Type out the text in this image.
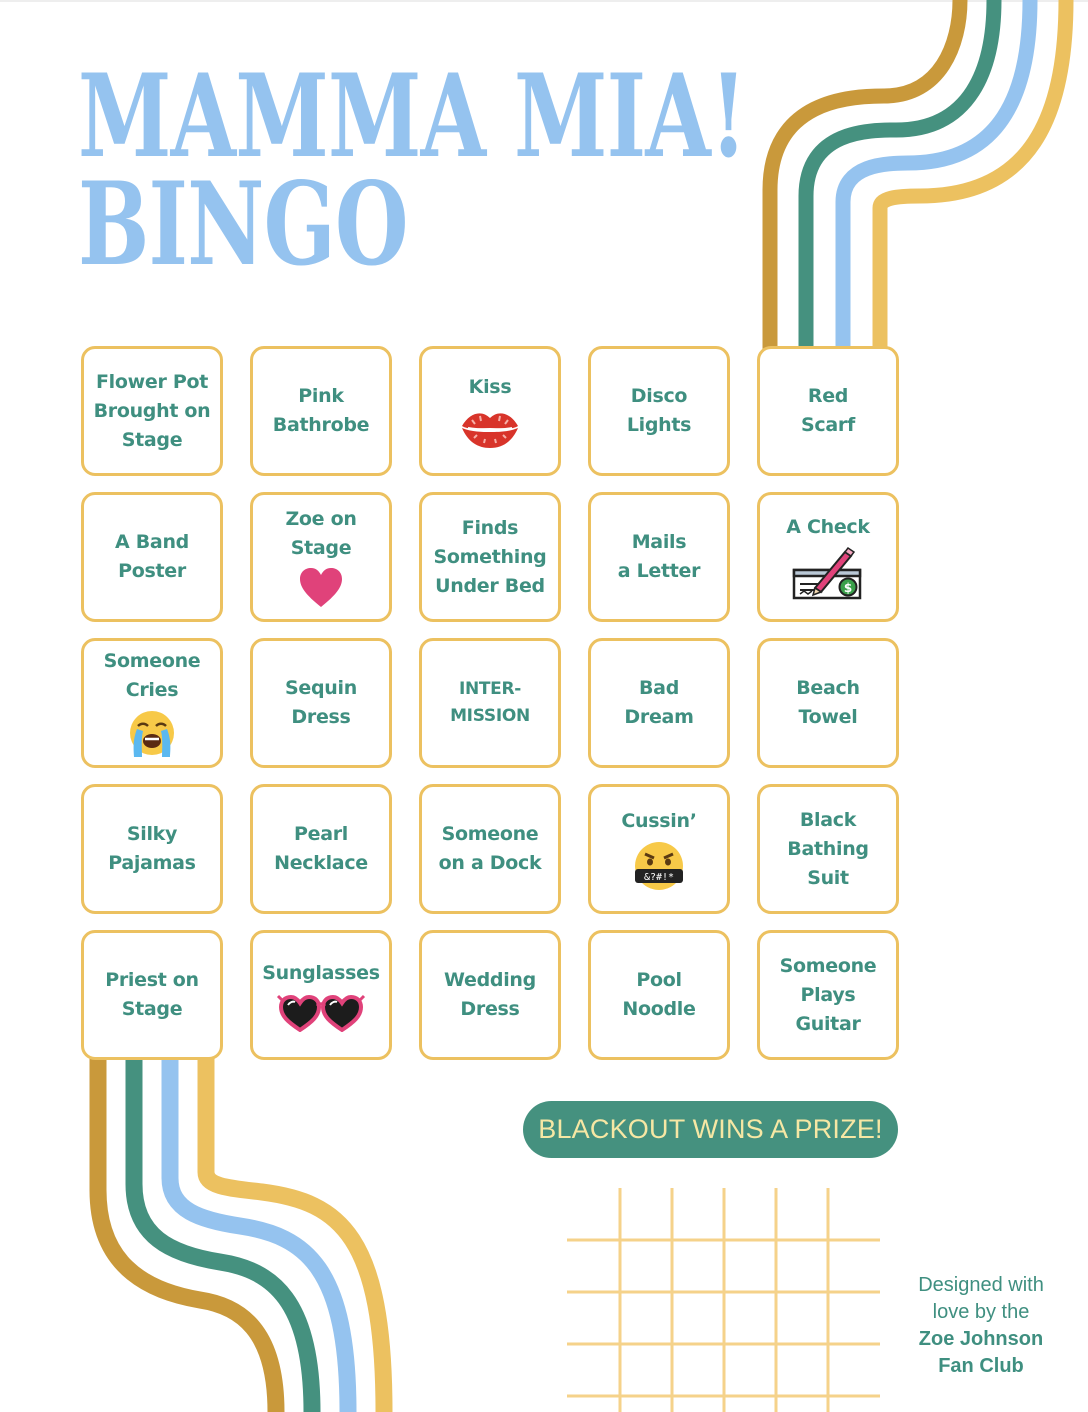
MAMMA MIA!
BINGO
Flower Pot
Brought on
Stage
Pink
Bathrobe
Kiss	Disco
Lights
Red
Scarf
A Band
Poster
Zoe on
Stage
Finds
Something
Under Bed
Mails
a Letter
A Check
$
Someone
Cries	Sequin
Dress
INTER-
MISSION
Bad
Dream
Beach
Towel
Silky
Pajamas
Pearl
Necklace
Someone
on a Dock
Cussin’
&?#!*
Black
Bathing
Suit
Priest on
Stage
Sunglasses	Wedding
Dress
Pool
Noodle
Someone
Plays
Guitar
BLACKOUT WINS A PRIZE!
Designed with
love by the
Zoe Johnson
Fan Club
